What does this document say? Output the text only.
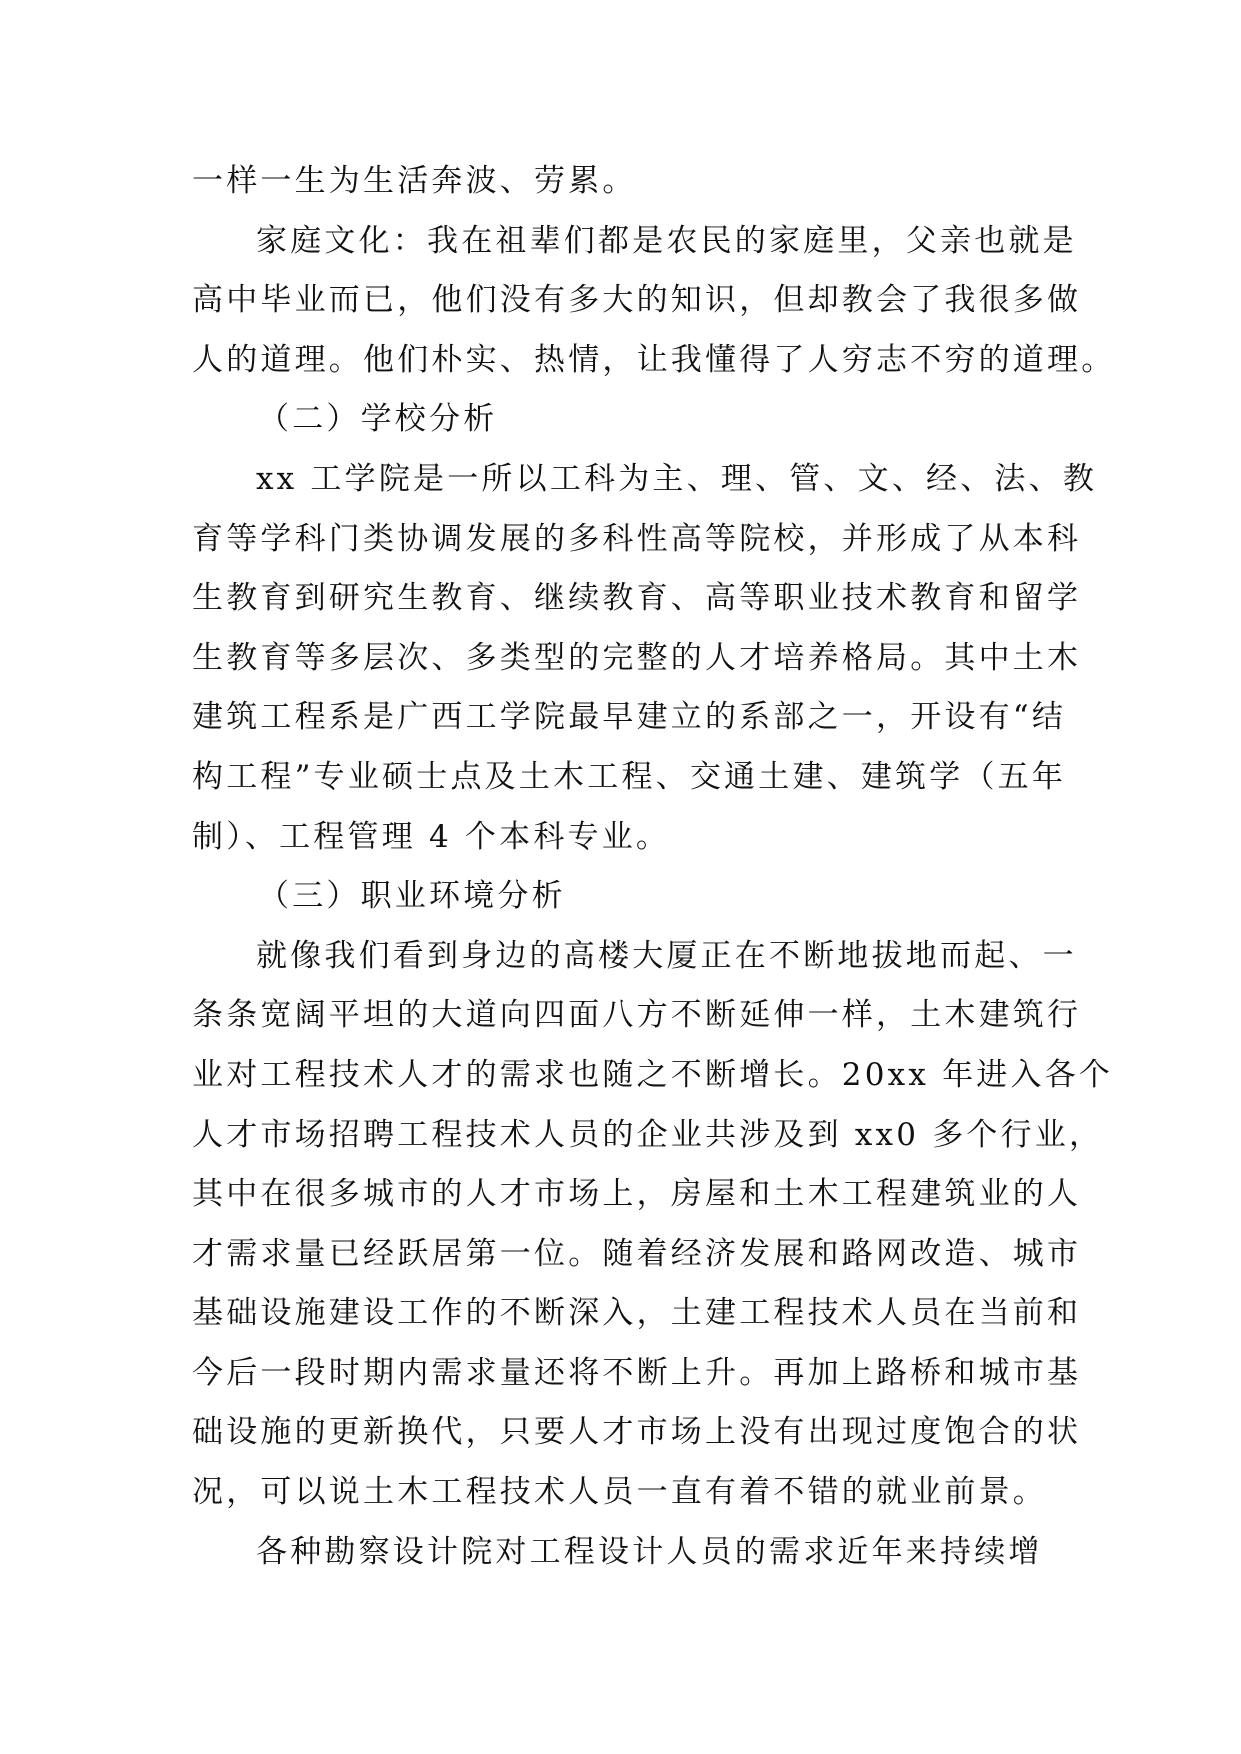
一样一生为生活奔波、劳累。
家庭文化：我在祖辈们都是农民的家庭里，父亲也就是
高中毕业而已，他们没有多大的知识，但却教会了我很多做
人的道理。他们朴实、热情，让我懂得了人穷志不穷的道理。
（二）学校分析
xx 工学院是一所以工科为主、理、管、文、经、法、教
育等学科门类协调发展的多科性高等院校，并形成了从本科
生教育到研究生教育、继续教育、高等职业技术教育和留学
生教育等多层次、多类型的完整的人才培养格局。其中土木
建筑工程系是广西工学院最早建立的系部之一，开设有“结
构工程”专业硕士点及土木工程、交通土建、建筑学（五年
制）、工程管理 4 个本科专业。
（三）职业环境分析
就像我们看到身边的高楼大厦正在不断地拔地而起、一
条条宽阔平坦的大道向四面八方不断延伸一样，土木建筑行
业对工程技术人才的需求也随之不断增长。20xx 年进入各个
人才市场招聘工程技术人员的企业共涉及到 xx0 多个行业，
其中在很多城市的人才市场上，房屋和土木工程建筑业的人
才需求量已经跃居第一位。随着经济发展和路网改造、城市
基础设施建设工作的不断深入，土建工程技术人员在当前和
今后一段时期内需求量还将不断上升。再加上路桥和城市基
础设施的更新换代，只要人才市场上没有出现过度饱合的状
况，可以说土木工程技术人员一直有着不错的就业前景。
各种勘察设计院对工程设计人员的需求近年来持续增
